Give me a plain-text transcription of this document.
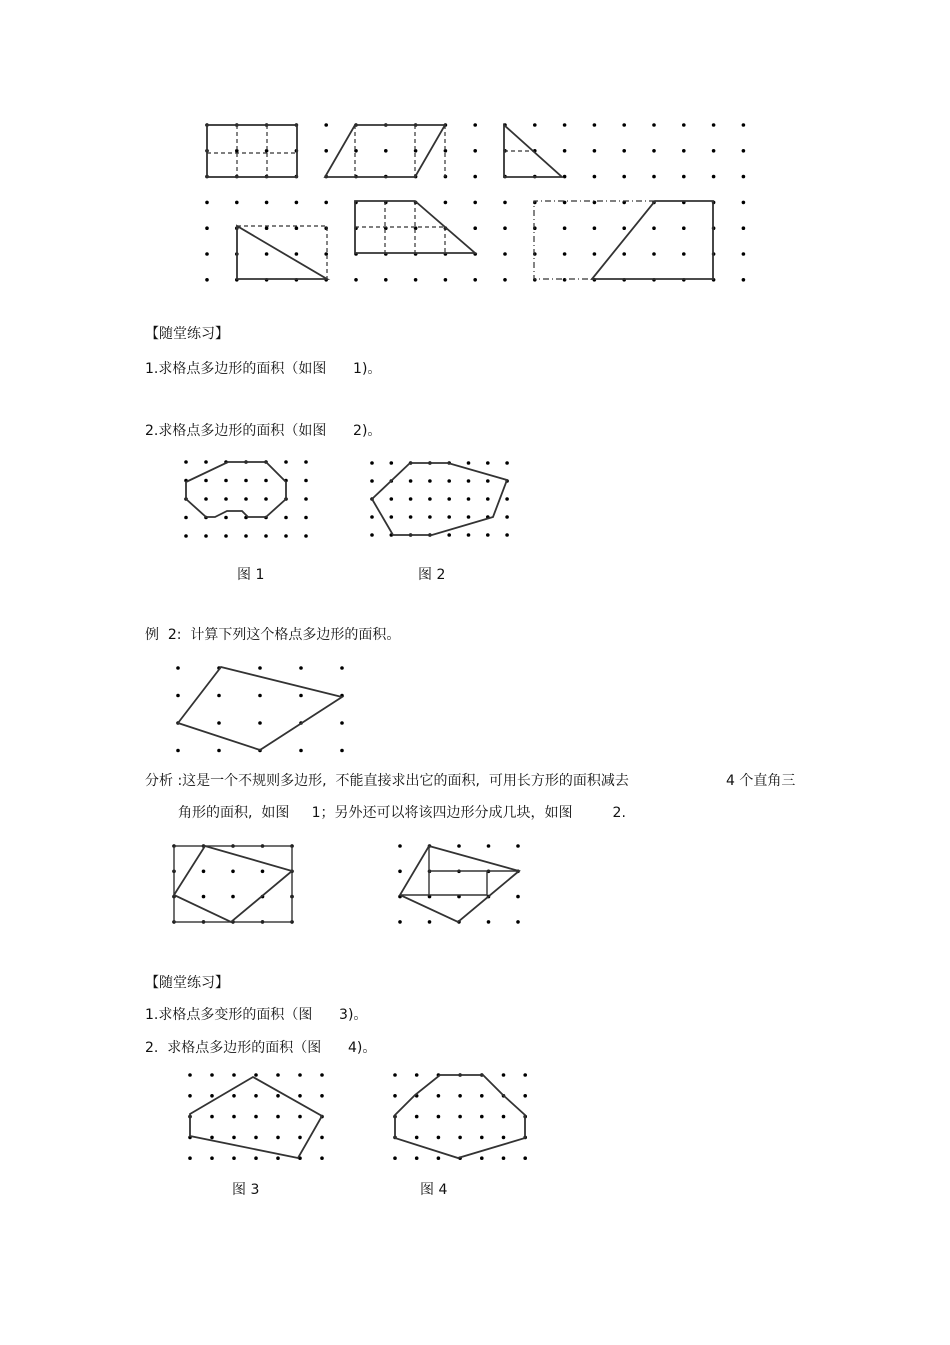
【随堂练习】
1.求格点多边形的面积（如图      1)。
2.求格点多边形的面积（如图      2)。
图 1	图 2
例  2:  计算下列这个格点多边形的面积。
分析 :这是一个不规则多边形,  不能直接求出它的面积,  可用长方形的面积减去	4 个直角三
角形的面积,  如图     1；另外还可以将该四边形分成几块，如图         2.
【随堂练习】
1.求格点多变形的面积（图      3)。
2.  求格点多边形的面积（图      4)。
图 3	图 4
